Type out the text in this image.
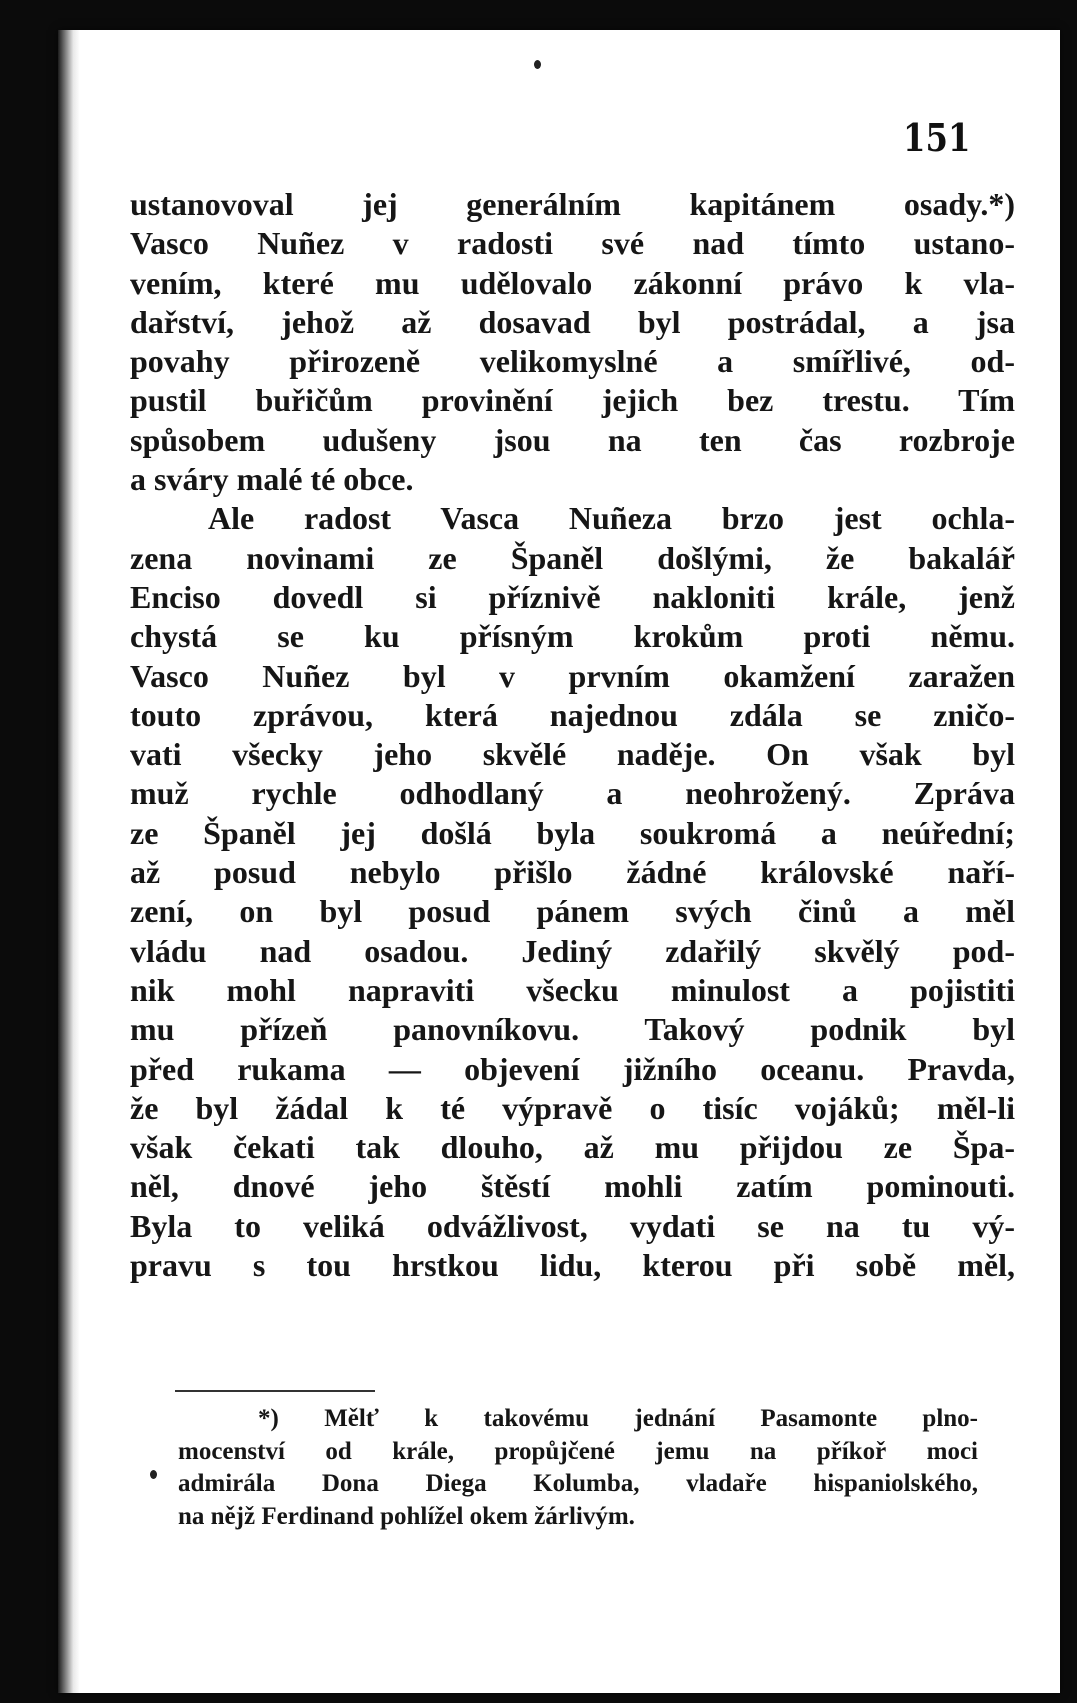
151
ustanovoval jej generálním kapitánem osady.*)
Vasco Nuñez v radosti své nad tímto ustano-
vením, které mu udělovalo zákonní právo k vla-
dařství, jehož až dosavad byl postrádal, a jsa
povahy přirozeně velikomyslné a smířlivé, od-
pustil buřičům provinění jejich bez trestu. Tím
spůsobem udušeny jsou na ten čas rozbroje
a sváry malé té obce.
Ale radost Vasca Nuñeza brzo jest ochla-
zena novinami ze Španěl došlými, že bakalář
Enciso dovedl si příznivě nakloniti krále, jenž
chystá se ku přísným krokům proti němu.
Vasco Nuñez byl v prvním okamžení zaražen
touto zprávou, která najednou zdála se zničo-
vati všecky jeho skvělé naděje. On však byl
muž rychle odhodlaný a neohrožený. Zpráva
ze Španěl jej došlá byla soukromá a neúřední;
až posud nebylo přišlo žádné královské naří-
zení, on byl posud pánem svých činů a měl
vládu nad osadou. Jediný zdařilý skvělý pod-
nik mohl napraviti všecku minulost a pojistiti
mu přízeň panovníkovu. Takový podnik byl
před rukama — objevení jižního oceanu. Pravda,
že byl žádal k té výpravě o tisíc vojáků; měl-li
však čekati tak dlouho, až mu přijdou ze Špa-
něl, dnové jeho štěstí mohli zatím pominouti.
Byla to veliká odvážlivost, vydati se na tu vý-
pravu s tou hrstkou lidu, kterou při sobě měl,
*) Mělť k takovému jednání Pasamonte plno-
mocenství od krále, propůjčené jemu na příkoř moci
admirála Dona Diega Kolumba, vladaře hispaniolského,
na nějž Ferdinand pohlížel okem žárlivým.
